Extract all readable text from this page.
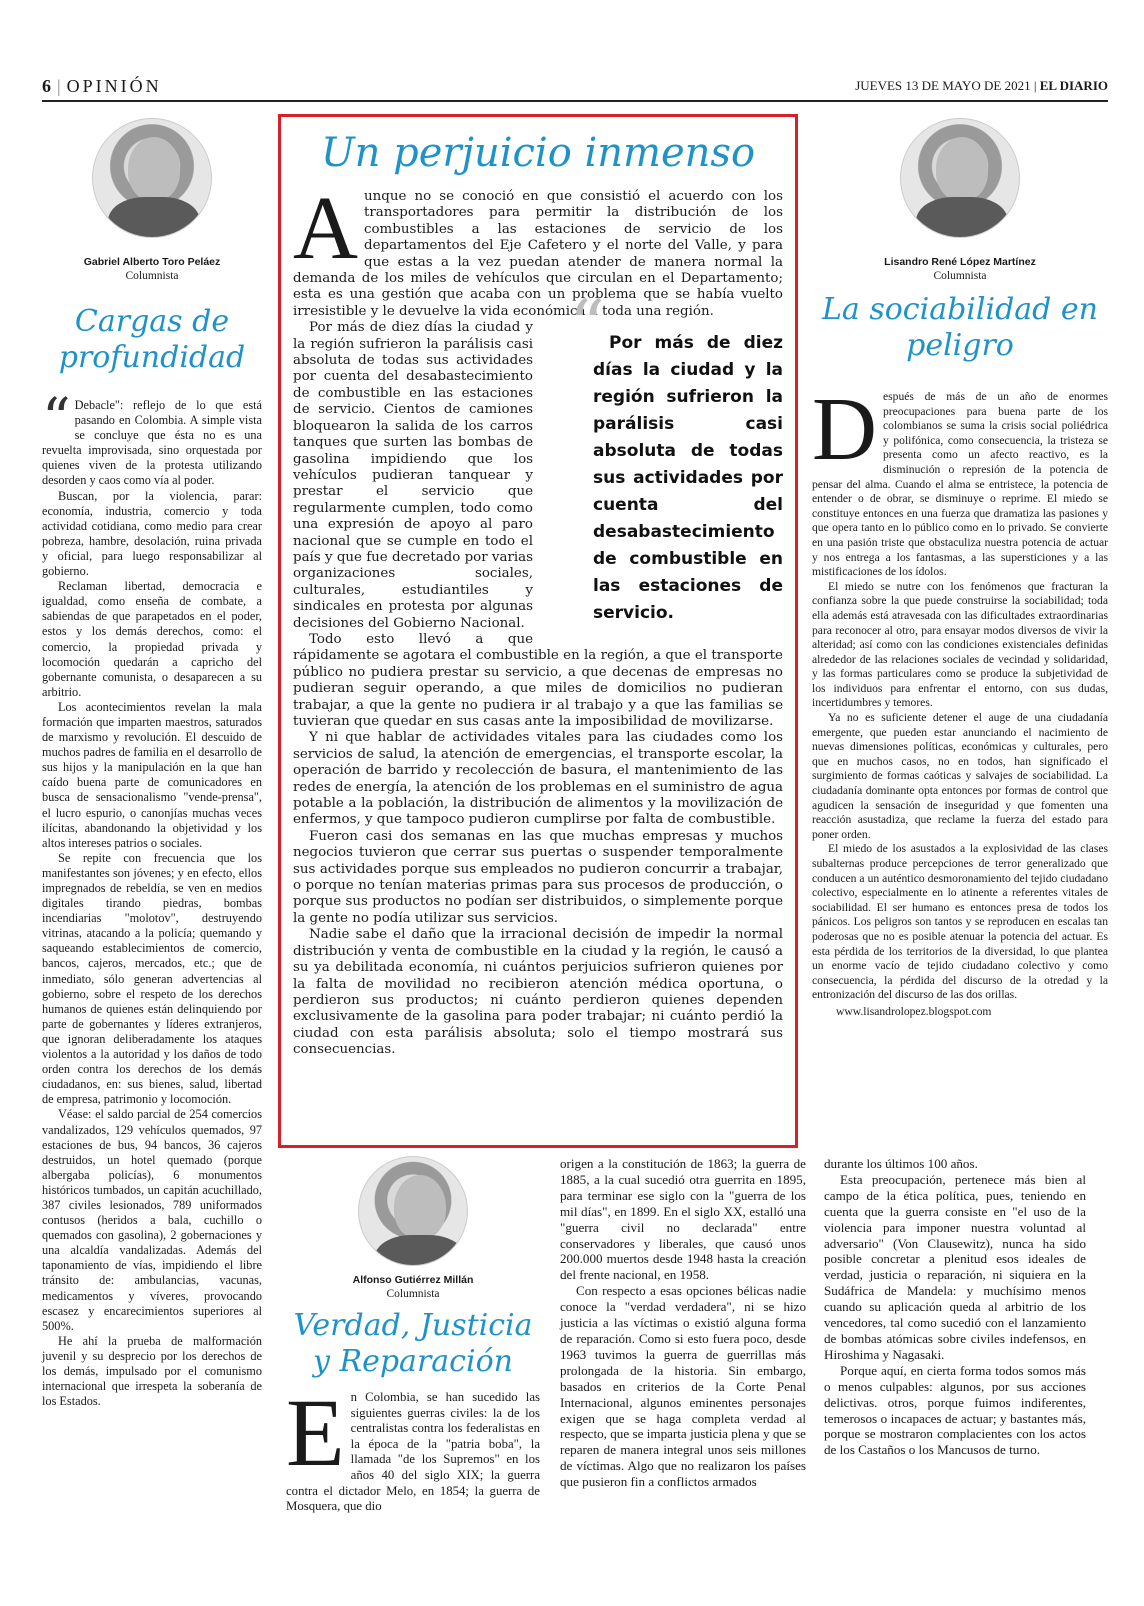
6 | OPINIÓN	JUEVES 13 DE MAYO DE 2021 | EL DIARIO
Gabriel Alberto Toro Peláez
Columnista
Cargas de profundidad

“ Debacle": reflejo de lo que está pasando en Colombia. A simple vista se concluye que ésta no es una revuelta improvisada, sino orquestada por quienes viven de la protesta utilizando desorden y caos como vía al poder.

Buscan, por la violencia, parar: economía, industria, comercio y toda actividad cotidiana, como medio para crear pobreza, hambre, desolación, ruina privada y oficial, para luego responsabilizar al gobierno.

Reclaman libertad, democracia e igualdad, como enseña de combate, a sabiendas de que parapetados en el poder, estos y los demás derechos, como: el comercio, la propiedad privada y locomoción quedarán a capricho del gobernante comunista, o desaparecen a su arbitrio.

Los acontecimientos revelan la mala formación que imparten maestros, saturados de marxismo y revolución. El descuido de muchos padres de familia en el desarrollo de sus hijos y la manipulación en la que han caído buena parte de comunicadores en busca de sensacionalismo "vende-prensa", el lucro espurio, o canonjías muchas veces ilícitas, abandonando la objetividad y los altos intereses patrios o sociales.

Se repite con frecuencia que los manifestantes son jóvenes; y en efecto, ellos impregnados de rebeldía, se ven en medios digitales tirando piedras, bombas incendiarias "molotov", destruyendo vitrinas, atacando a la policía; quemando y saqueando establecimientos de comercio, bancos, cajeros, mercados, etc.; que de inmediato, sólo generan advertencias al gobierno, sobre el respeto de los derechos humanos de quienes están delinquiendo por parte de gobernantes y líderes extranjeros, que ignoran deliberadamente los ataques violentos a la autoridad y los daños de todo orden contra los derechos de los demás ciudadanos, en: sus bienes, salud, libertad de empresa, patrimonio y locomoción.

Véase: el saldo parcial de 254 comercios vandalizados, 129 vehículos quemados, 97 estaciones de bus, 94 bancos, 36 cajeros destruidos, un hotel quemado (porque albergaba policías), 6 monumentos históricos tumbados, un capitán acuchillado, 387 civiles lesionados, 789 uniformados contusos (heridos a bala, cuchillo o quemados con gasolina), 2 gobernaciones y una alcaldía vandalizadas. Además del taponamiento de vías, impidiendo el libre tránsito de: ambulancias, vacunas, medicamentos y víveres, provocando escasez y encarecimientos superiores al 500%.

He ahí la prueba de malformación juvenil y su desprecio por los derechos de los demás, impulsado por el comunismo internacional que irrespeta la soberanía de los Estados.

Un perjuicio inmenso

Aunque no se conoció en que consistió el acuerdo con los transportadores para permitir la distribución de los combustibles a las estaciones de servicio de los departamentos del Eje Cafetero y el norte del Valle, y para que estas a la vez puedan atender de manera normal la demanda de los miles de vehículos que circulan en el Departamento; esta es una gestión que acaba con un problema que se había vuelto irresistible y le devuelve la vida económica a toda una región.

“ Por más de diez días la ciudad y la región sufrieron la parálisis casi absoluta de todas sus actividades por cuenta del desabastecimiento de combustible en las estaciones de servicio.
Por más de diez días la ciudad y la región sufrieron la parálisis casi absoluta de todas sus actividades por cuenta del desabastecimiento de combustible en las estaciones de servicio. Cientos de camiones bloquearon la salida de los carros tanques que surten las bombas de gasolina impidiendo que los vehículos pudieran tanquear y prestar el servicio que regularmente cumplen, todo como una expresión de apoyo al paro nacional que se cumple en todo el país y que fue decretado por varias organizaciones sociales, culturales, estudiantiles y sindicales en protesta por algunas decisiones del Gobierno Nacional.

Todo esto llevó a que rápidamente se agotara el combustible en la región, a que el transporte público no pudiera prestar su servicio, a que decenas de empresas no pudieran seguir operando, a que miles de domicilios no pudieran trabajar, a que la gente no pudiera ir al trabajo y a que las familias se tuvieran que quedar en sus casas ante la imposibilidad de movilizarse.

Y ni que hablar de actividades vitales para las ciudades como los servicios de salud, la atención de emergencias, el transporte escolar, la operación de barrido y recolección de basura, el mantenimiento de las redes de energía, la atención de los problemas en el suministro de agua potable a la población, la distribución de alimentos y la movilización de enfermos, y que tampoco pudieron cumplirse por falta de combustible.

Fueron casi dos semanas en las que muchas empresas y muchos negocios tuvieron que cerrar sus puertas o suspender temporalmente sus actividades porque sus empleados no pudieron concurrir a trabajar, o porque no tenían materias primas para sus procesos de producción, o porque sus productos no podían ser distribuidos, o simplemente porque la gente no podía utilizar sus servicios.

Nadie sabe el daño que la irracional decisión de impedir la normal distribución y venta de combustible en la ciudad y la región, le causó a su ya debilitada economía, ni cuántos perjuicios sufrieron quienes por la falta de movilidad no recibieron atención médica oportuna, o perdieron sus productos; ni cuánto perdieron quienes dependen exclusivamente de la gasolina para poder trabajar; ni cuánto perdió la ciudad con esta parálisis absoluta; solo el tiempo mostrará sus consecuencias.

Lisandro René López Martínez
Columnista
La sociabilidad en peligro

Después de más de un año de enormes preocupaciones para buena parte de los colombianos se suma la crisis social poliédrica y polifónica, como consecuencia, la tristeza se presenta como un afecto reactivo, es la disminución o represión de la potencia de pensar del alma. Cuando el alma se entristece, la potencia de entender o de obrar, se disminuye o reprime. El miedo se constituye entonces en una fuerza que dramatiza las pasiones y que opera tanto en lo público como en lo privado. Se convierte en una pasión triste que obstaculiza nuestra potencia de actuar y nos entrega a los fantasmas, a las supersticiones y a las mistificaciones de los ídolos.

El miedo se nutre con los fenómenos que fracturan la confianza sobre la que puede construirse la sociabilidad; toda ella además está atravesada con las dificultades extraordinarias para reconocer al otro, para ensayar modos diversos de vivir la alteridad; así como con las condiciones existenciales definidas alrededor de las relaciones sociales de vecindad y solidaridad, y las formas particulares como se produce la subjetividad de los individuos para enfrentar el entorno, con sus dudas, incertidumbres y temores.

Ya no es suficiente detener el auge de una ciudadanía emergente, que pueden estar anunciando el nacimiento de nuevas dimensiones políticas, económicas y culturales, pero que en muchos casos, no en todos, han significado el surgimiento de formas caóticas y salvajes de sociabilidad. La ciudadanía dominante opta entonces por formas de control que agudicen la sensación de inseguridad y que fomenten una reacción asustadiza, que reclame la fuerza del estado para poner orden.

El miedo de los asustados a la explosividad de las clases subalternas produce percepciones de terror generalizado que conducen a un auténtico desmoronamiento del tejido ciudadano colectivo, especialmente en lo atinente a referentes vitales de sociabilidad. El ser humano es entonces presa de todos los pánicos. Los peligros son tantos y se reproducen en escalas tan poderosas que no es posible atenuar la potencia del actuar. Es esta pérdida de los territorios de la diversidad, lo que plantea un enorme vacío de tejido ciudadano colectivo y como consecuencia, la pérdida del discurso de la otredad y la entronización del discurso de las dos orillas.

www.lisandrolopez.blogspot.com

Alfonso Gutiérrez Millán
Columnista
Verdad, Justicia y Reparación

En Colombia, se han sucedido las siguientes guerras civiles: la de los centralistas contra los federalistas en la época de la "patria boba", la llamada "de los Supremos" en los años 40 del siglo XIX; la guerra contra el dictador Melo, en 1854; la guerra de Mosquera, que dio

origen a la constitución de 1863; la guerra de 1885, a la cual sucedió otra guerrita en 1895, para terminar ese siglo con la "guerra de los mil días", en 1899. En el siglo XX, estalló una "guerra civil no declarada" entre conservadores y liberales, que causó unos 200.000 muertos desde 1948 hasta la creación del frente nacional, en 1958.

Con respecto a esas opciones bélicas nadie conoce la "verdad verdadera", ni se hizo justicia a las víctimas o existió alguna forma de reparación. Como si esto fuera poco, desde 1963 tuvimos la guerra de guerrillas más prolongada de la historia. Sin embargo, basados en criterios de la Corte Penal Internacional, algunos eminentes personajes exigen que se haga completa verdad al respecto, que se imparta justicia plena y que se reparen de manera integral unos seis millones de víctimas. Algo que no realizaron los países que pusieron fin a conflictos armados

durante los últimos 100 años.

Esta preocupación, pertenece más bien al campo de la ética política, pues, teniendo en cuenta que la guerra consiste en "el uso de la violencia para imponer nuestra voluntad al adversario" (Von Clausewitz), nunca ha sido posible concretar a plenitud esos ideales de verdad, justicia o reparación, ni siquiera en la Sudáfrica de Mandela: y muchísimo menos cuando su aplicación queda al arbitrio de los vencedores, tal como sucedió con el lanzamiento de bombas atómicas sobre civiles indefensos, en Hiroshima y Nagasaki.

Porque aquí, en cierta forma todos somos más o menos culpables: algunos, por sus acciones delictivas. otros, porque fuimos indiferentes, temerosos o incapaces de actuar; y bastantes más, porque se mostraron complacientes con los actos de los Castaños o los Mancusos de turno.
